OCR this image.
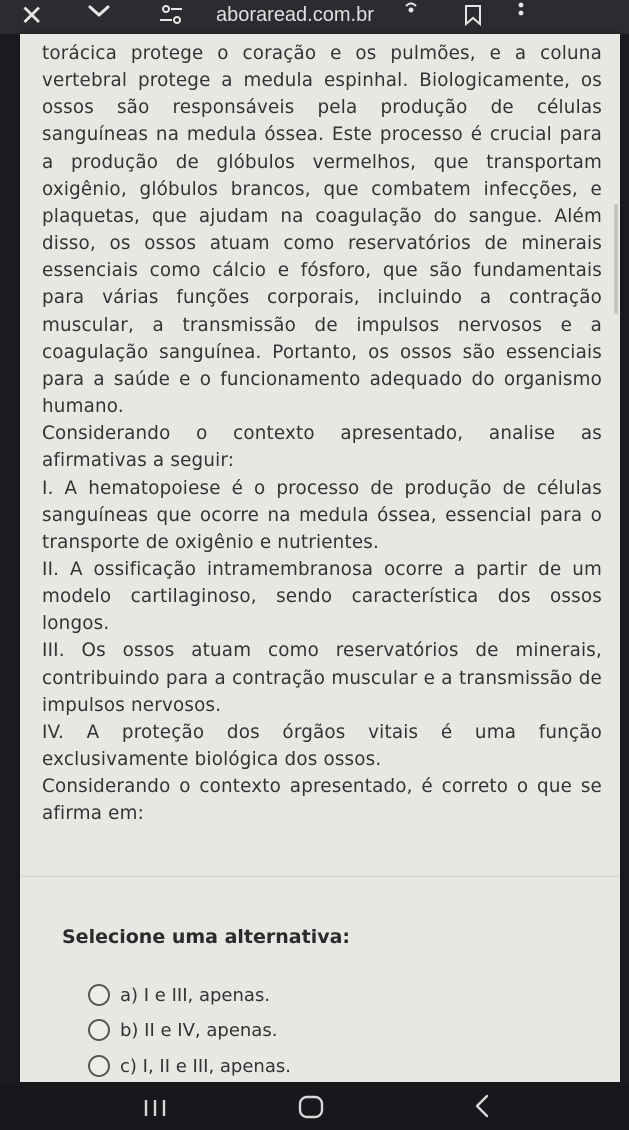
✕	aboraread.com.br

torácica protege o coração e os pulmões, e a coluna vertebral protege a medula espinhal. Biologicamente, os ossos são responsáveis pela produção de células sanguíneas na medula óssea. Este processo é crucial para a produção de glóbulos vermelhos, que transportam oxigênio, glóbulos brancos, que combatem infecções, e plaquetas, que ajudam na coagulação do sangue. Além disso, os ossos atuam como reservatórios de minerais essenciais como cálcio e fósforo, que são fundamentais para várias funções corporais, incluindo a contração muscular, a transmissão de impulsos nervosos e a coagulação sanguínea. Portanto, os ossos são essenciais para a saúde e o funcionamento adequado do organismo humano.

Considerando o contexto apresentado, analise as afirmativas a seguir:

I. A hematopoiese é o processo de produção de células sanguíneas que ocorre na medula óssea, essencial para o transporte de oxigênio e nutrientes.

II. A ossificação intramembranosa ocorre a partir de um modelo cartilaginoso, sendo característica dos ossos longos.

III. Os ossos atuam como reservatórios de minerais, contribuindo para a contração muscular e a transmissão de impulsos nervosos.

IV. A proteção dos órgãos vitais é uma função exclusivamente biológica dos ossos.

Considerando o contexto apresentado, é correto o que se afirma em:

Selecione uma alternativa:
a) I e III, apenas.
b) II e IV, apenas.
c) I, II e III, apenas.
